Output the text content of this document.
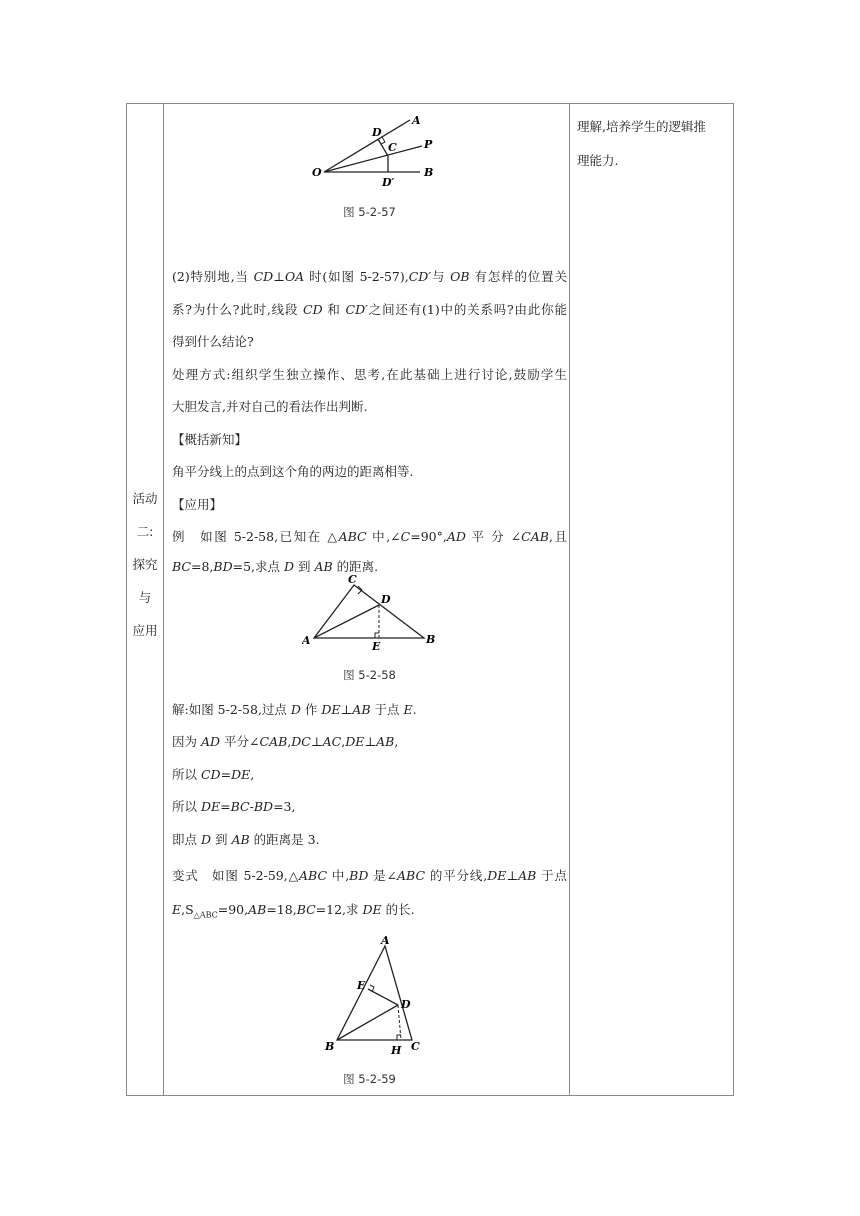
活动
二:
探究
与
应用
D
A
C P
O
D′
B
图 5-2-57
(2)特别地,当 CD⊥OA 时(如图 5-2-57),CD′与 OB 有怎样的位置关
系?为什么?此时,线段 CD 和 CD′之间还有(1)中的关系吗?由此你能
得到什么结论?
处理方式:组织学生独立操作、思考,在此基础上进行讨论,鼓励学生
大胆发言,并对自己的看法作出判断.
【概括新知】
角平分线上的点到这个角的两边的距离相等.
【应用】
例　如图 5-2-58,已知在 △ABC 中,∠C=90°,AD 平 分 ∠CAB,且
BC=8,BD=5,求点 D 到 AB 的距离.
C
D
A	E
B
图 5-2-58
解:如图 5-2-58,过点 D 作 DE⊥AB 于点 E.
因为 AD 平分∠CAB,DC⊥AC,DE⊥AB,
所以 CD=DE,
所以 DE=BC-BD=3,
即点 D 到 AB 的距离是 3.
变式　如图 5-2-59,△ABC 中,BD 是∠ABC 的平分线,DE⊥AB 于点
$E,S_{\triangle ABC}=90,AB=18,BC=12$,求 DE 的长.
A
E
D
B	H C
图 5-2-59
理解,培养学生的逻辑推
理能力.
